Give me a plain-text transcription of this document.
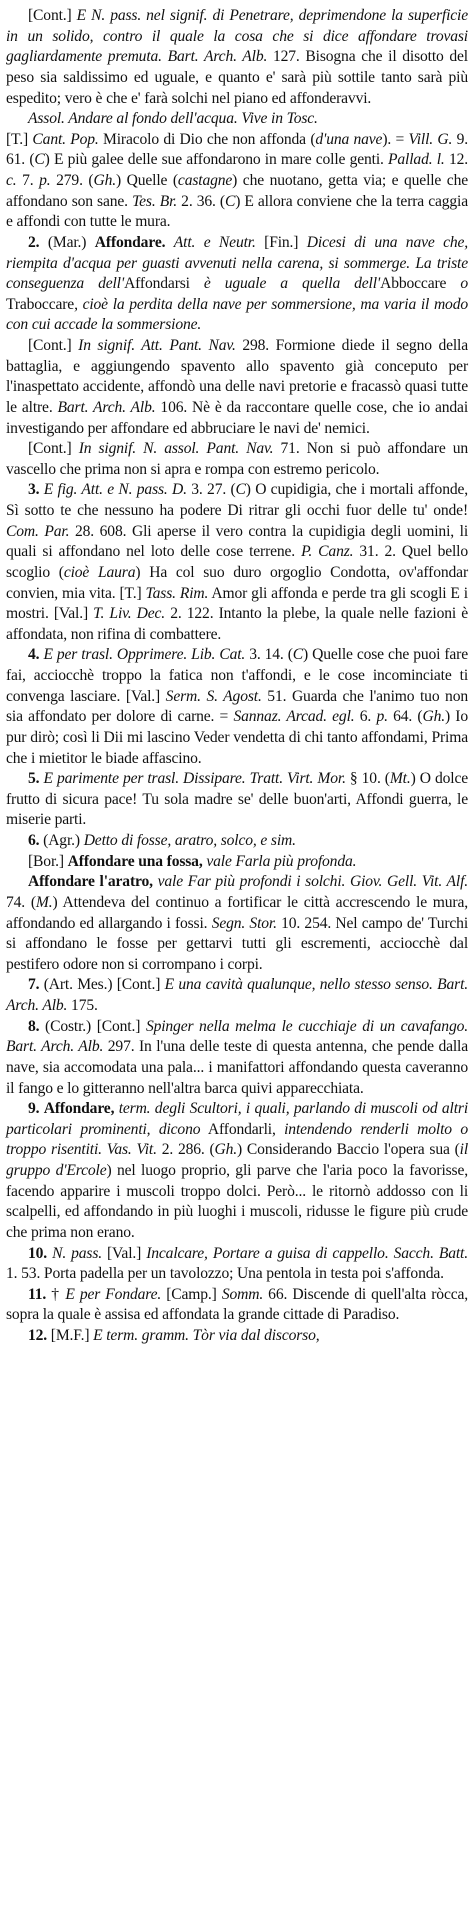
[Cont.] E N. pass. nel signif. di Penetrare, deprimendone la superficie in un solido, contro il quale la cosa che si dice affondare trovasi gagliardamente premuta. Bart. Arch. Alb. 127. Bisogna che il disotto del peso sia saldissimo ed uguale, e quanto e' sarà più sottile tanto sarà più espedito; vero è che e' farà solchi nel piano ed affonderavvi.

Assol. Andare al fondo dell'acqua. Vive in Tosc.

[T.] Cant. Pop. Miracolo di Dio che non affonda (d'una nave). = Vill. G. 9. 61. (C) E più galee delle sue affondarono in mare colle genti. Pallad. l. 12. c. 7. p. 279. (Gh.) Quelle (castagne) che nuotano, getta via; e quelle che affondano son sane. Tes. Br. 2. 36. (C) E allora conviene che la terra caggia e affondi con tutte le mura.

2. (Mar.) Affondare. Att. e Neutr. [Fin.] Dicesi di una nave che, riempita d'acqua per guasti avvenuti nella carena, si sommerge. La triste conseguenza dell'Affondarsi è uguale a quella dell'Abboccare o Traboccare, cioè la perdita della nave per sommersione, ma varia il modo con cui accade la sommersione.

[Cont.] In signif. Att. Pant. Nav. 298. Formione diede il segno della battaglia, e aggiungendo spavento allo spavento già conceputo per l'inaspettato accidente, affondò una delle navi pretorie e fracassò quasi tutte le altre. Bart. Arch. Alb. 106. Nè è da raccontare quelle cose, che io andai investigando per affondare ed abbruciare le navi de' nemici.

[Cont.] In signif. N. assol. Pant. Nav. 71. Non si può affondare un vascello che prima non si apra e rompa con estremo pericolo.

3. E fig. Att. e N. pass. D. 3. 27. (C) O cupidigia, che i mortali affonde, Sì sotto te che nessuno ha podere Di ritrar gli occhi fuor delle tu' onde! Com. Par. 28. 608. Gli aperse il vero contra la cupidigia degli uomini, li quali si affondano nel loto delle cose terrene. P. Canz. 31. 2. Quel bello scoglio (cioè Laura) Ha col suo duro orgoglio Condotta, ov'affondar convien, mia vita. [T.] Tass. Rim. Amor gli affonda e perde tra gli scogli E i mostri. [Val.] T. Liv. Dec. 2. 122. Intanto la plebe, la quale nelle fazioni è affondata, non rifina di combattere.

4. E per trasl. Opprimere. Lib. Cat. 3. 14. (C) Quelle cose che puoi fare fai, acciocchè troppo la fatica non t'affondi, e le cose incominciate ti convenga lasciare. [Val.] Serm. S. Agost. 51. Guarda che l'animo tuo non sia affondato per dolore di carne. = Sannaz. Arcad. egl. 6. p. 64. (Gh.) Io pur dirò; così li Dii mi lascino Veder vendetta di chi tanto affondami, Prima che i mietitor le biade affascino.

5. E parimente per trasl. Dissipare. Tratt. Virt. Mor. § 10. (Mt.) O dolce frutto di sicura pace! Tu sola madre se' delle buon'arti, Affondi guerra, le miserie parti.

6. (Agr.) Detto di fosse, aratro, solco, e sim.

[Bor.] Affondare una fossa, vale Farla più profonda.

Affondare l'aratro, vale Far più profondi i solchi. Giov. Gell. Vit. Alf. 74. (M.) Attendeva del continuo a fortificar le città accrescendo le mura, affondando ed allargando i fossi. Segn. Stor. 10. 254. Nel campo de' Turchi si affondano le fosse per gettarvi tutti gli escrementi, acciocchè dal pestifero odore non si corrompano i corpi.

7. (Art. Mes.) [Cont.] E una cavità qualunque, nello stesso senso. Bart. Arch. Alb. 175.

8. (Costr.) [Cont.] Spinger nella melma le cucchiaje di un cavafango. Bart. Arch. Alb. 297. In l'una delle teste di questa antenna, che pende dalla nave, sia accomodata una pala... i manifattori affondando questa caveranno il fango e lo gitteranno nell'altra barca quivi apparecchiata.

9. Affondare, term. degli Scultori, i quali, parlando di muscoli od altri particolari prominenti, dicono Affondarli, intendendo renderli molto o troppo risentiti. Vas. Vit. 2. 286. (Gh.) Considerando Baccio l'opera sua (il gruppo d'Ercole) nel luogo proprio, gli parve che l'aria poco la favorisse, facendo apparire i muscoli troppo dolci. Però... le ritornò addosso con li scalpelli, ed affondando in più luoghi i muscoli, ridusse le figure più crude che prima non erano.

10. N. pass. [Val.] Incalcare, Portare a guisa di cappello. Sacch. Batt. 1. 53. Porta padella per un tavolozzo; Una pentola in testa poi s'affonda.

11. † E per Fondare. [Camp.] Somm. 66. Discende di quell'alta ròcca, sopra la quale è assisa ed affondata la grande cittade di Paradiso.

12. [M.F.] E term. gramm. Tòr via dal discorso,
